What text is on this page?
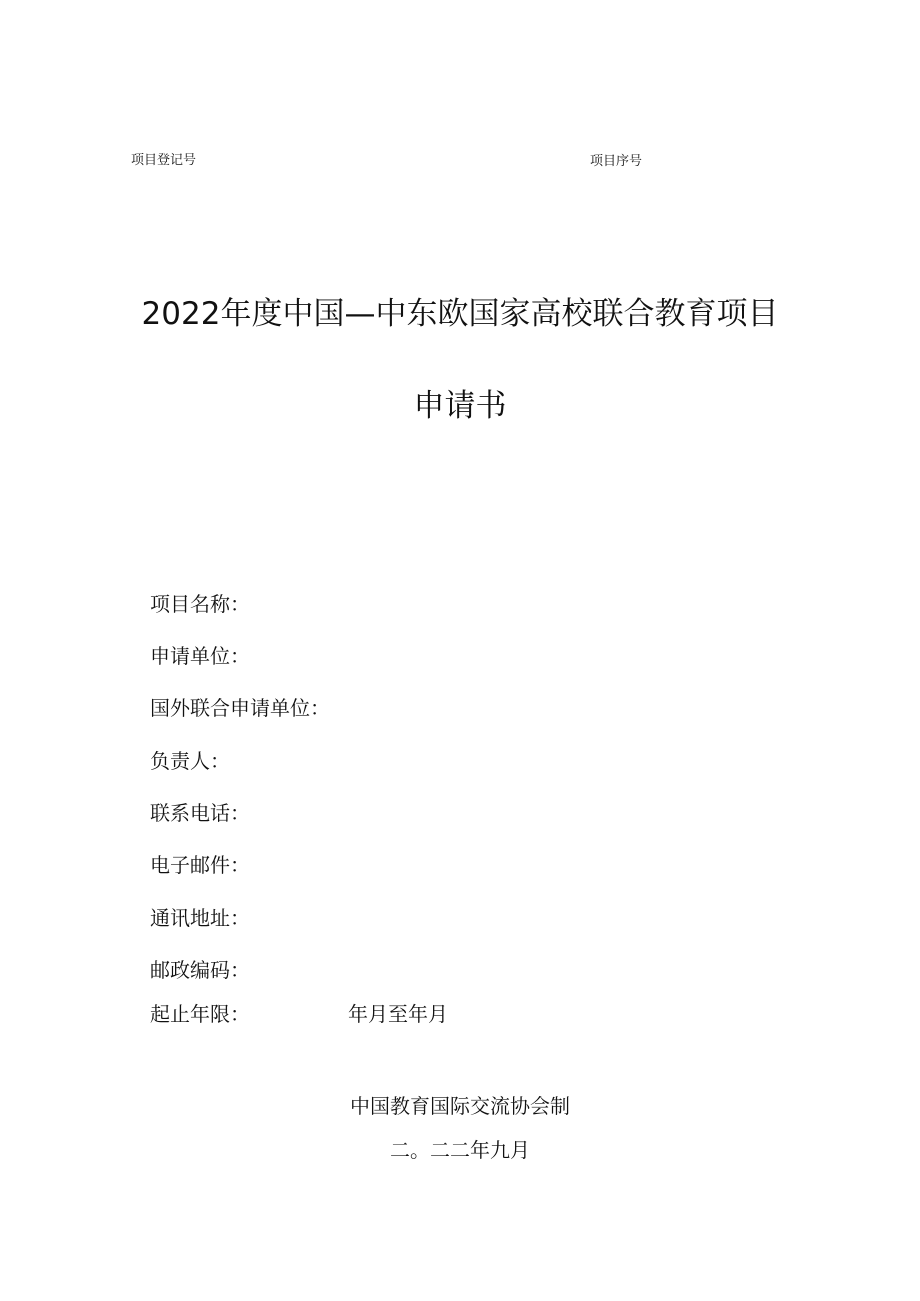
项目登记号	项目序号
2022年度中国—中东欧国家高校联合教育项目
申请书
项目名称：
申请单位：
国外联合申请单位：
负责人：
联系电话：
电子邮件：
通讯地址：
邮政编码：
起止年限：	年月至年月
中国教育国际交流协会制
二。二二年九月
